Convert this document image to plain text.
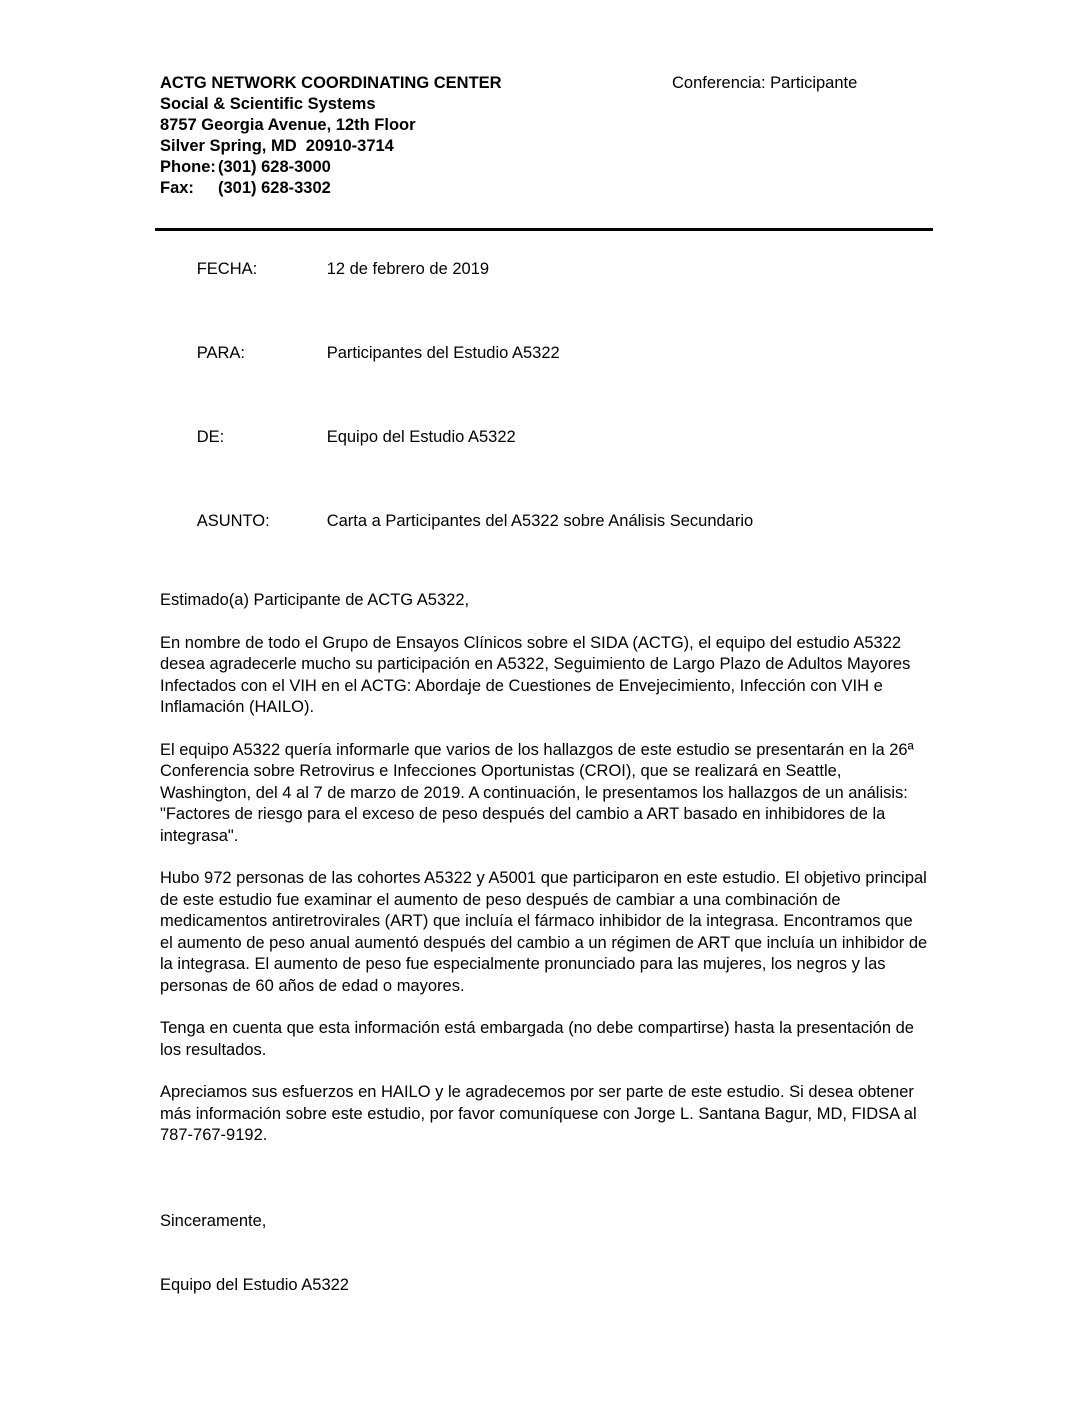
ACTG NETWORK COORDINATING CENTER	Conferencia: Participante
Social & Scientific Systems
8757 Georgia Avenue, 12th Floor
Silver Spring, MD  20910-3714
Phone: (301) 628-3000
Fax: (301) 628-3302

FECHA:	12 de febrero de 2019

PARA:	Participantes del Estudio A5322

DE:	Equipo del Estudio A5322

ASUNTO:	Carta a Participantes del A5322 sobre Análisis Secundario

Estimado(a) Participante de ACTG A5322,

En nombre de todo el Grupo de Ensayos Clínicos sobre el SIDA (ACTG), el equipo del estudio A5322 desea agradecerle mucho su participación en A5322, Seguimiento de Largo Plazo de Adultos Mayores Infectados con el VIH en el ACTG: Abordaje de Cuestiones de Envejecimiento, Infección con VIH e Inflamación (HAILO).

El equipo A5322 quería informarle que varios de los hallazgos de este estudio se presentarán en la 26ª Conferencia sobre Retrovirus e Infecciones Oportunistas (CROI), que se realizará en Seattle, Washington, del 4 al 7 de marzo de 2019. A continuación, le presentamos los hallazgos de un análisis: "Factores de riesgo para el exceso de peso después del cambio a ART basado en inhibidores de la integrasa".

Hubo 972 personas de las cohortes A5322 y A5001 que participaron en este estudio. El objetivo principal de este estudio fue examinar el aumento de peso después de cambiar a una combinación de medicamentos antiretrovirales (ART) que incluía el fármaco inhibidor de la integrasa. Encontramos que el aumento de peso anual aumentó después del cambio a un régimen de ART que incluía un inhibidor de la integrasa. El aumento de peso fue especialmente pronunciado para las mujeres, los negros y las personas de 60 años de edad o mayores.

Tenga en cuenta que esta información está embargada (no debe compartirse) hasta la presentación de los resultados.

Apreciamos sus esfuerzos en HAILO y le agradecemos por ser parte de este estudio. Si desea obtener más información sobre este estudio, por favor comuníquese con Jorge L. Santana Bagur, MD, FIDSA al 787-767-9192.

Sinceramente,

Equipo del Estudio A5322
